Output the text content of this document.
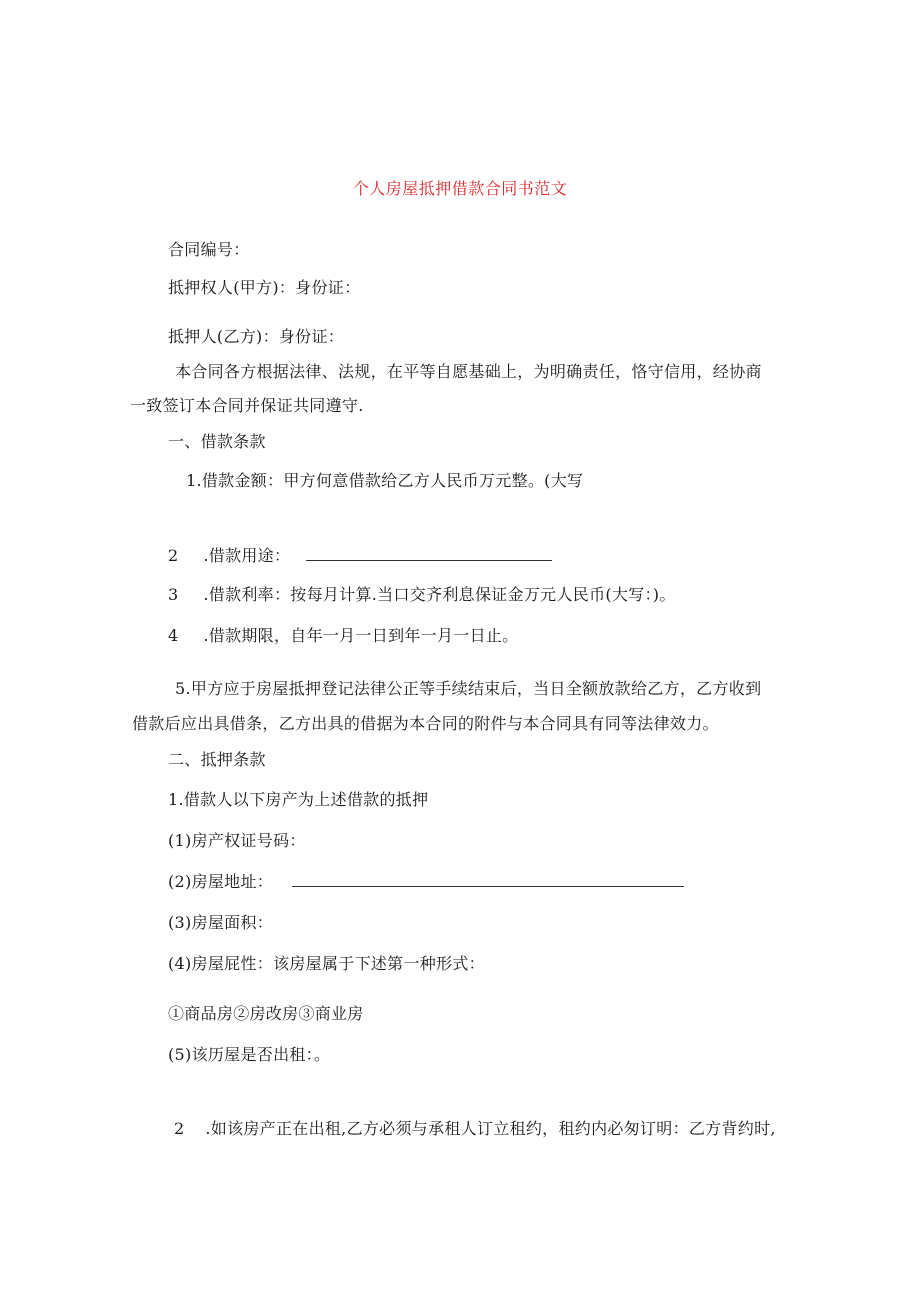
个人房屋抵押借款合同书范文
合同编号：
抵押权人(甲方)：身份证：
抵押人(乙方)：身份证：
本合同各方根据法律、法规，在平等自愿基础上，为明确责任，恪守信用，经协商
一致签订本合同并保证共同遵守.
一、借款条款
1.借款金额：甲方何意借款给乙方人民币万元整。(大写
2 .借款用途：
3 .借款利率：按每月计算.当口交齐利息保证金万元人民币(大写：)。
4 .借款期限，自年一月一日到年一月一日止。
5.甲方应于房屋抵押登记法律公正等手续结束后，当日全额放款给乙方，乙方收到
借款后应出具借条，乙方出具的借据为本合同的附件与本合同具有同等法律效力。
二、抵押条款
1.借款人以下房产为上述借款的抵押
(1)房产权证号码：
(2)房屋地址：
(3)房屋面积：
(4)房屋屁性：该房屋属于下述第一种形式：
①商品房②房改房③商业房
(5)该历屋是否出租：。
2 .如该房产正在出租,乙方必须与承租人订立租约，租约内必匆订明：乙方背约时,
